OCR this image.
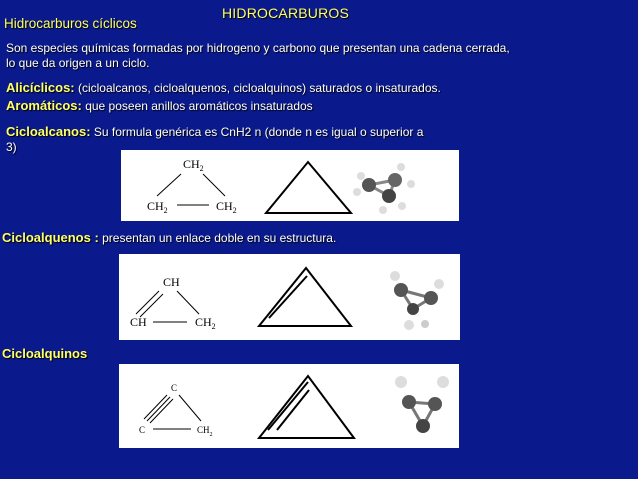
HIDROCARBUROS
Hidrocarburos cíclicos
Son especies químicas formadas por hidrogeno y carbono que presentan una cadena cerrada,
lo que da origen a un ciclo.
Alicíclicos: (cicloalcanos, cicloalquenos, cicloalquinos) saturados o insaturados.
Aromáticos: que poseen anillos aromáticos insaturados
Cicloalcanos: Su formula genérica es CnH2 n (donde n es igual o superior a
3)
$CH_2$
$CH_2$	$CH_2$
Cicloalquenos : presentan un enlace doble en su estructura.
CH
CH	$CH_2$
Cicloalquinos
C
C	$CH_2$
